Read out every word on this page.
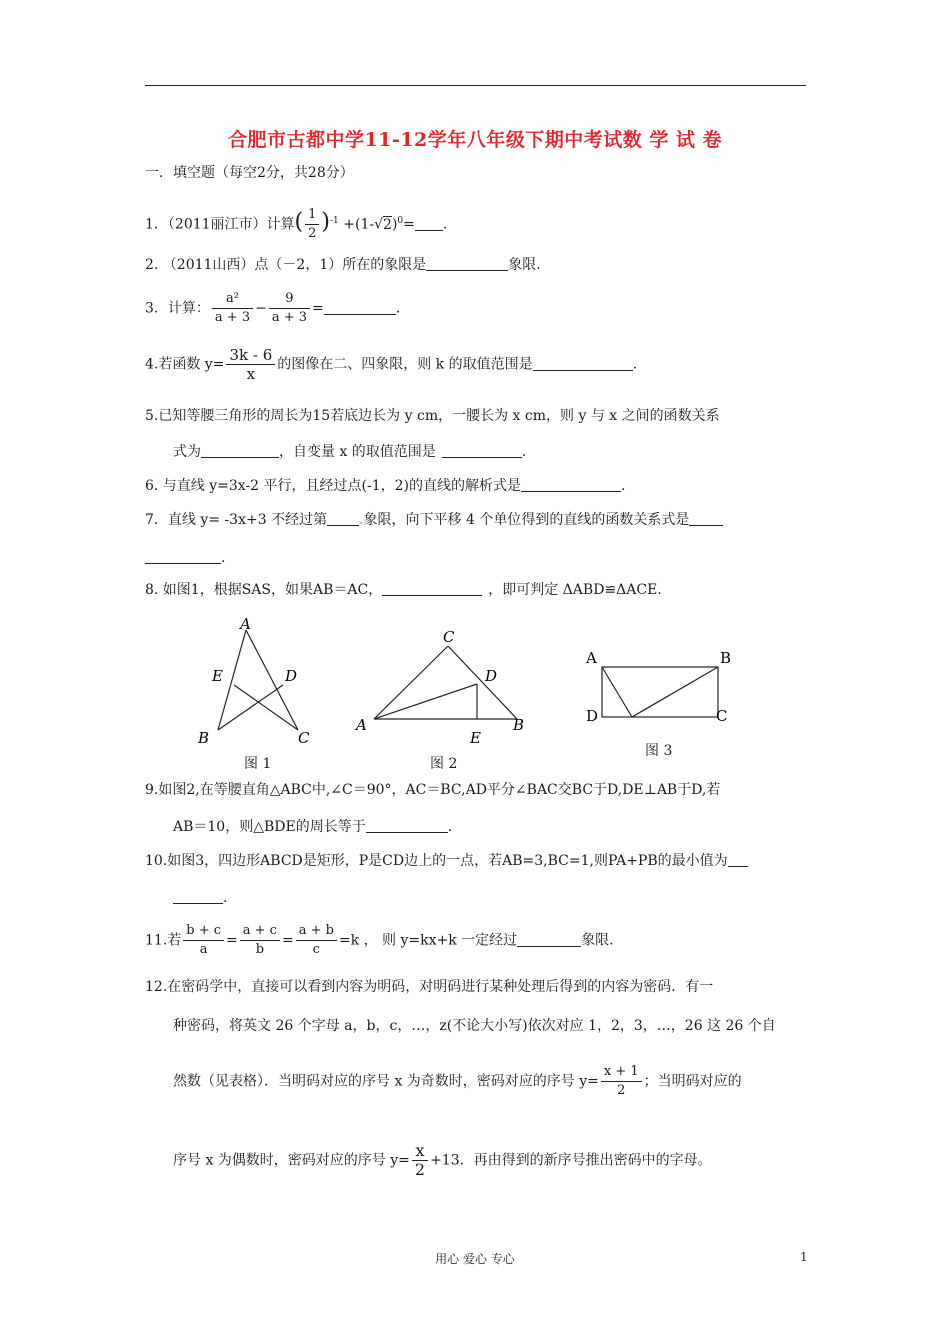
合肥市古都中学11-12学年八年级下期中考试数 学 试 卷
一．填空题（每空2分，共28分）
1．（2011丽江市）计算( $\frac{1}{2} )^{-1} +(1-√2)^0=$ .
2. （2011山西）点（－2，1）所在的象限是	象限.
3．计算： $\frac{\text{a²}}{a + 3} - \frac{9}{a + 3}$ =	.
4.若函数 $y= \frac{3k - 6}{x}$ 的图像在二、四象限，则 k 的取值范围是	.
5.已知等腰三角形的周长为15若底边长为 y cm，一腰长为 x cm，则 y 与 x 之间的函数关系
式为	，自变量 x 的取值范围是	.
6. 与直线 y=3x-2 平行，且经过点(-1，2)的直线的解析式是	.
7．直线 y= -3x+3 不经过第 .象限，向下平移 4 个单位得到的直线的函数关系式是
.
8. 如图1，根据SAS，如果AB＝AC，	，即可判定 ΔABD≌ΔACE.
A
E	D
B	C
图 1
C
D
A	B
E
图 2
A	B
D	C
图 3
9.如图2,在等腰直角△ABC中,∠C＝90°，AC＝BC,AD平分∠BAC交BC于D,DE⊥AB于D,若
AB＝10，则△BDE的周长等于	.
10.如图3，四边形ABCD是矩形，P是CD边上的一点，若AB=3,BC=1,则PA+PB的最小值为
.
11.若 $\frac{b + c}{a} = \frac{a + c}{b} = \frac{a + b}{c} =k$ ， 则 y=kx+k 一定经过	象限.
12.在密码学中，直接可以看到内容为明码，对明码进行某种处理后得到的内容为密码．有一
种密码，将英文 26 个字母 a，b，c，…，z(不论大小写)依次对应 1，2，3，…，26 这 26 个自
然数（见表格）．当明码对应的序号 x 为奇数时，密码对应的序号 $y= \frac{x + 1}{2}$ ；当明码对应的
序号 x 为偶数时，密码对应的序号 $y= \frac{x}{2} +13$．再由得到的新序号推出密码中的字母。
用心 爱心 专心	1
